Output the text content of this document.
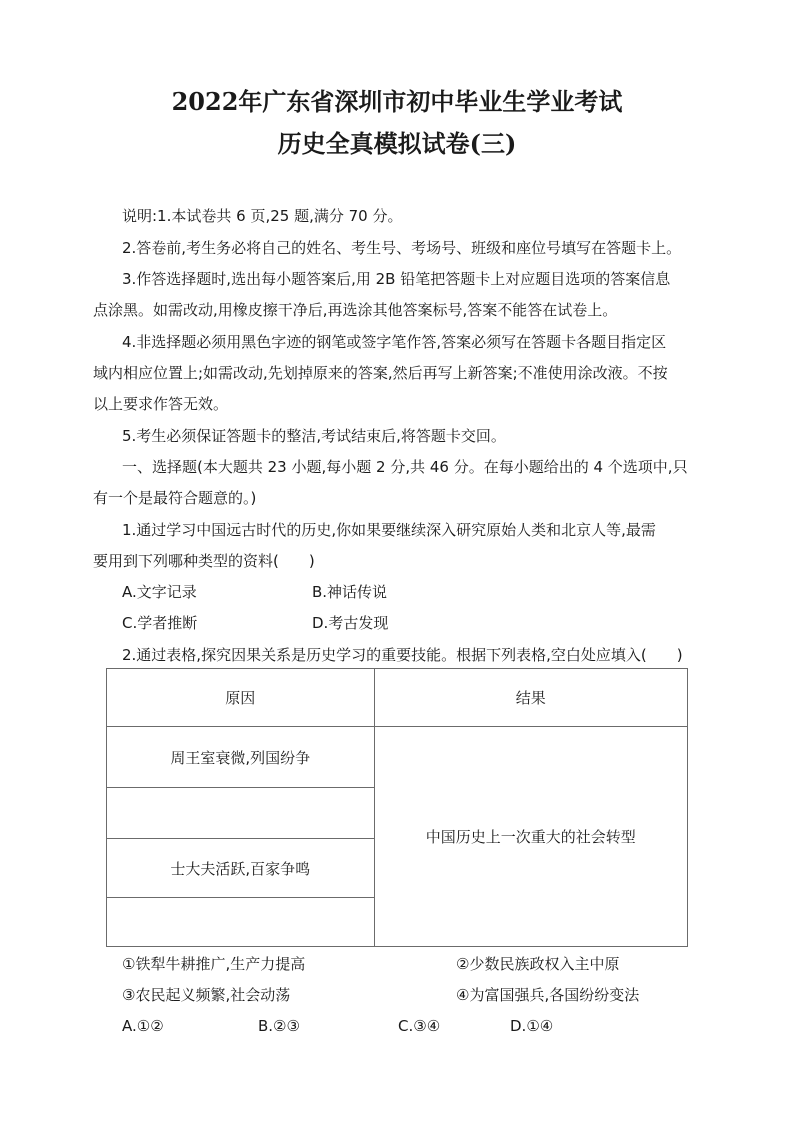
2022年广东省深圳市初中毕业生学业考试
历史全真模拟试卷(三)
说明:1.本试卷共 6 页,25 题,满分 70 分。
2.答卷前,考生务必将自己的姓名、考生号、考场号、班级和座位号填写在答题卡上。
3.作答选择题时,选出每小题答案后,用 2B 铅笔把答题卡上对应题目选项的答案信息
点涂黑。如需改动,用橡皮擦干净后,再选涂其他答案标号,答案不能答在试卷上。
4.非选择题必须用黑色字迹的钢笔或签字笔作答,答案必须写在答题卡各题目指定区
域内相应位置上;如需改动,先划掉原来的答案,然后再写上新答案;不准使用涂改液。不按
以上要求作答无效。
5.考生必须保证答题卡的整洁,考试结束后,将答题卡交回。
一、选择题(本大题共 23 小题,每小题 2 分,共 46 分。在每小题给出的 4 个选项中,只
有一个是最符合题意的。)
1.通过学习中国远古时代的历史,你如果要继续深入研究原始人类和北京人等,最需
要用到下列哪种类型的资料(　　)
A.文字记录	B.神话传说
C.学者推断	D.考古发现
2.通过表格,探究因果关系是历史学习的重要技能。根据下列表格,空白处应填入(　　)
原因	结果
周王室衰微,列国纷争	中国历史上一次重大的社会转型

士大夫活跃,百家争鸣	

①铁犁牛耕推广,生产力提高	②少数民族政权入主中原
③农民起义频繁,社会动荡	④为富国强兵,各国纷纷变法
A.①②	B.②③	C.③④	D.①④
